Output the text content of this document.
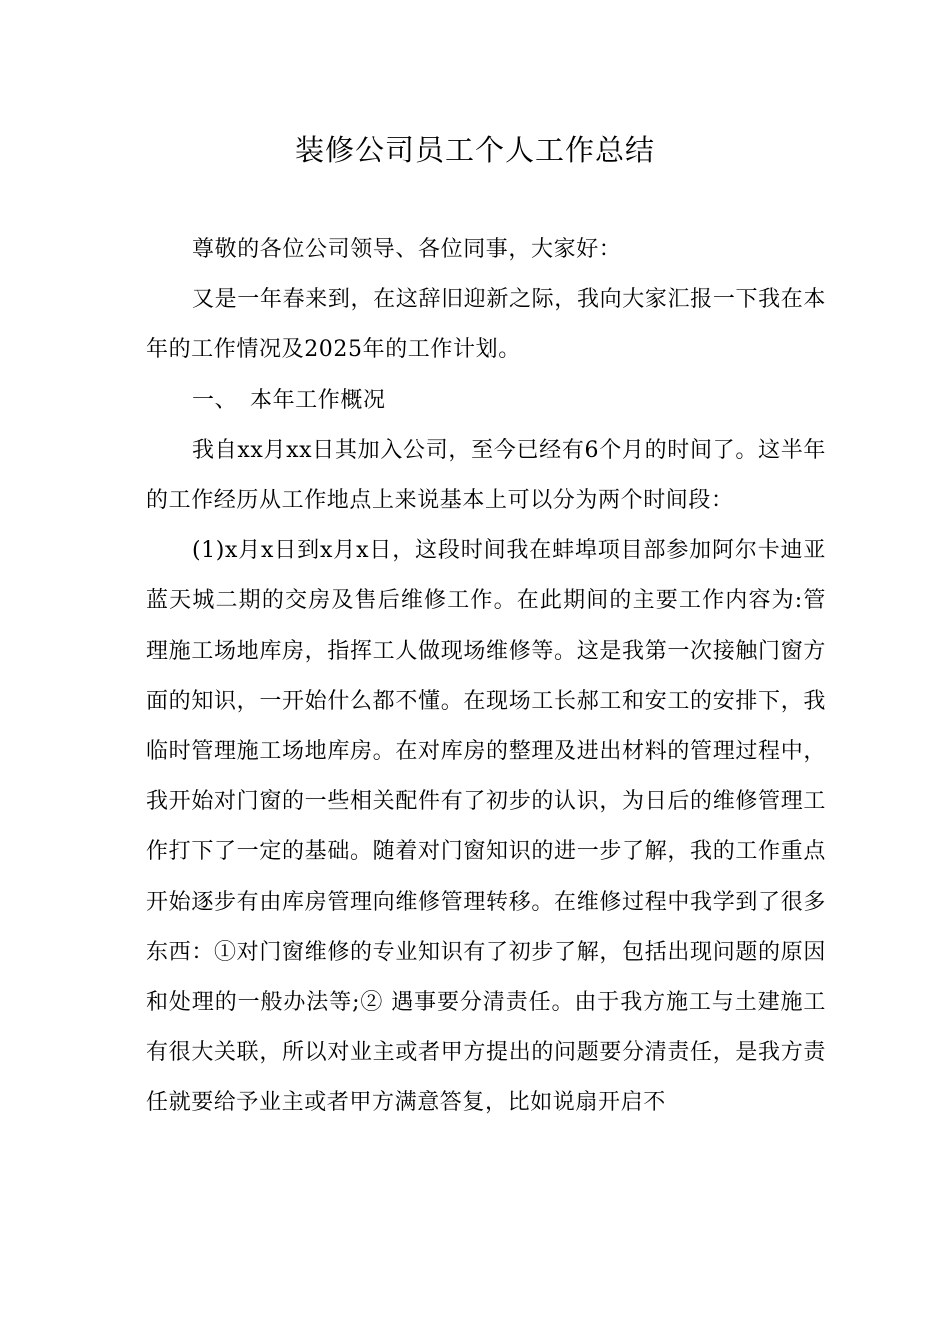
装修公司员工个人工作总结

尊敬的各位公司领导、各位同事，大家好：

又是一年春来到，在这辞旧迎新之际，我向大家汇报一下我在本年的工作情况及2025年的工作计划。

一、 本年工作概况

我自xx月xx日其加入公司，至今已经有6个月的时间了。这半年的工作经历从工作地点上来说基本上可以分为两个时间段：

(1)x月x日到x月x日，这段时间我在蚌埠项目部参加阿尔卡迪亚蓝天城二期的交房及售后维修工作。在此期间的主要工作内容为:管理施工场地库房，指挥工人做现场维修等。这是我第一次接触门窗方面的知识，一开始什么都不懂。在现场工长郝工和安工的安排下，我临时管理施工场地库房。在对库房的整理及进出材料的管理过程中，我开始对门窗的一些相关配件有了初步的认识，为日后的维修管理工作打下了一定的基础。随着对门窗知识的进一步了解，我的工作重点开始逐步有由库房管理向维修管理转移。在维修过程中我学到了很多东西：①对门窗维修的专业知识有了初步了解，包括出现问题的原因和处理的一般办法等;② 遇事要分清责任。由于我方施工与土建施工有很大关联，所以对业主或者甲方提出的问题要分清责任，是我方责任就要给予业主或者甲方满意答复，比如说扇开启不
